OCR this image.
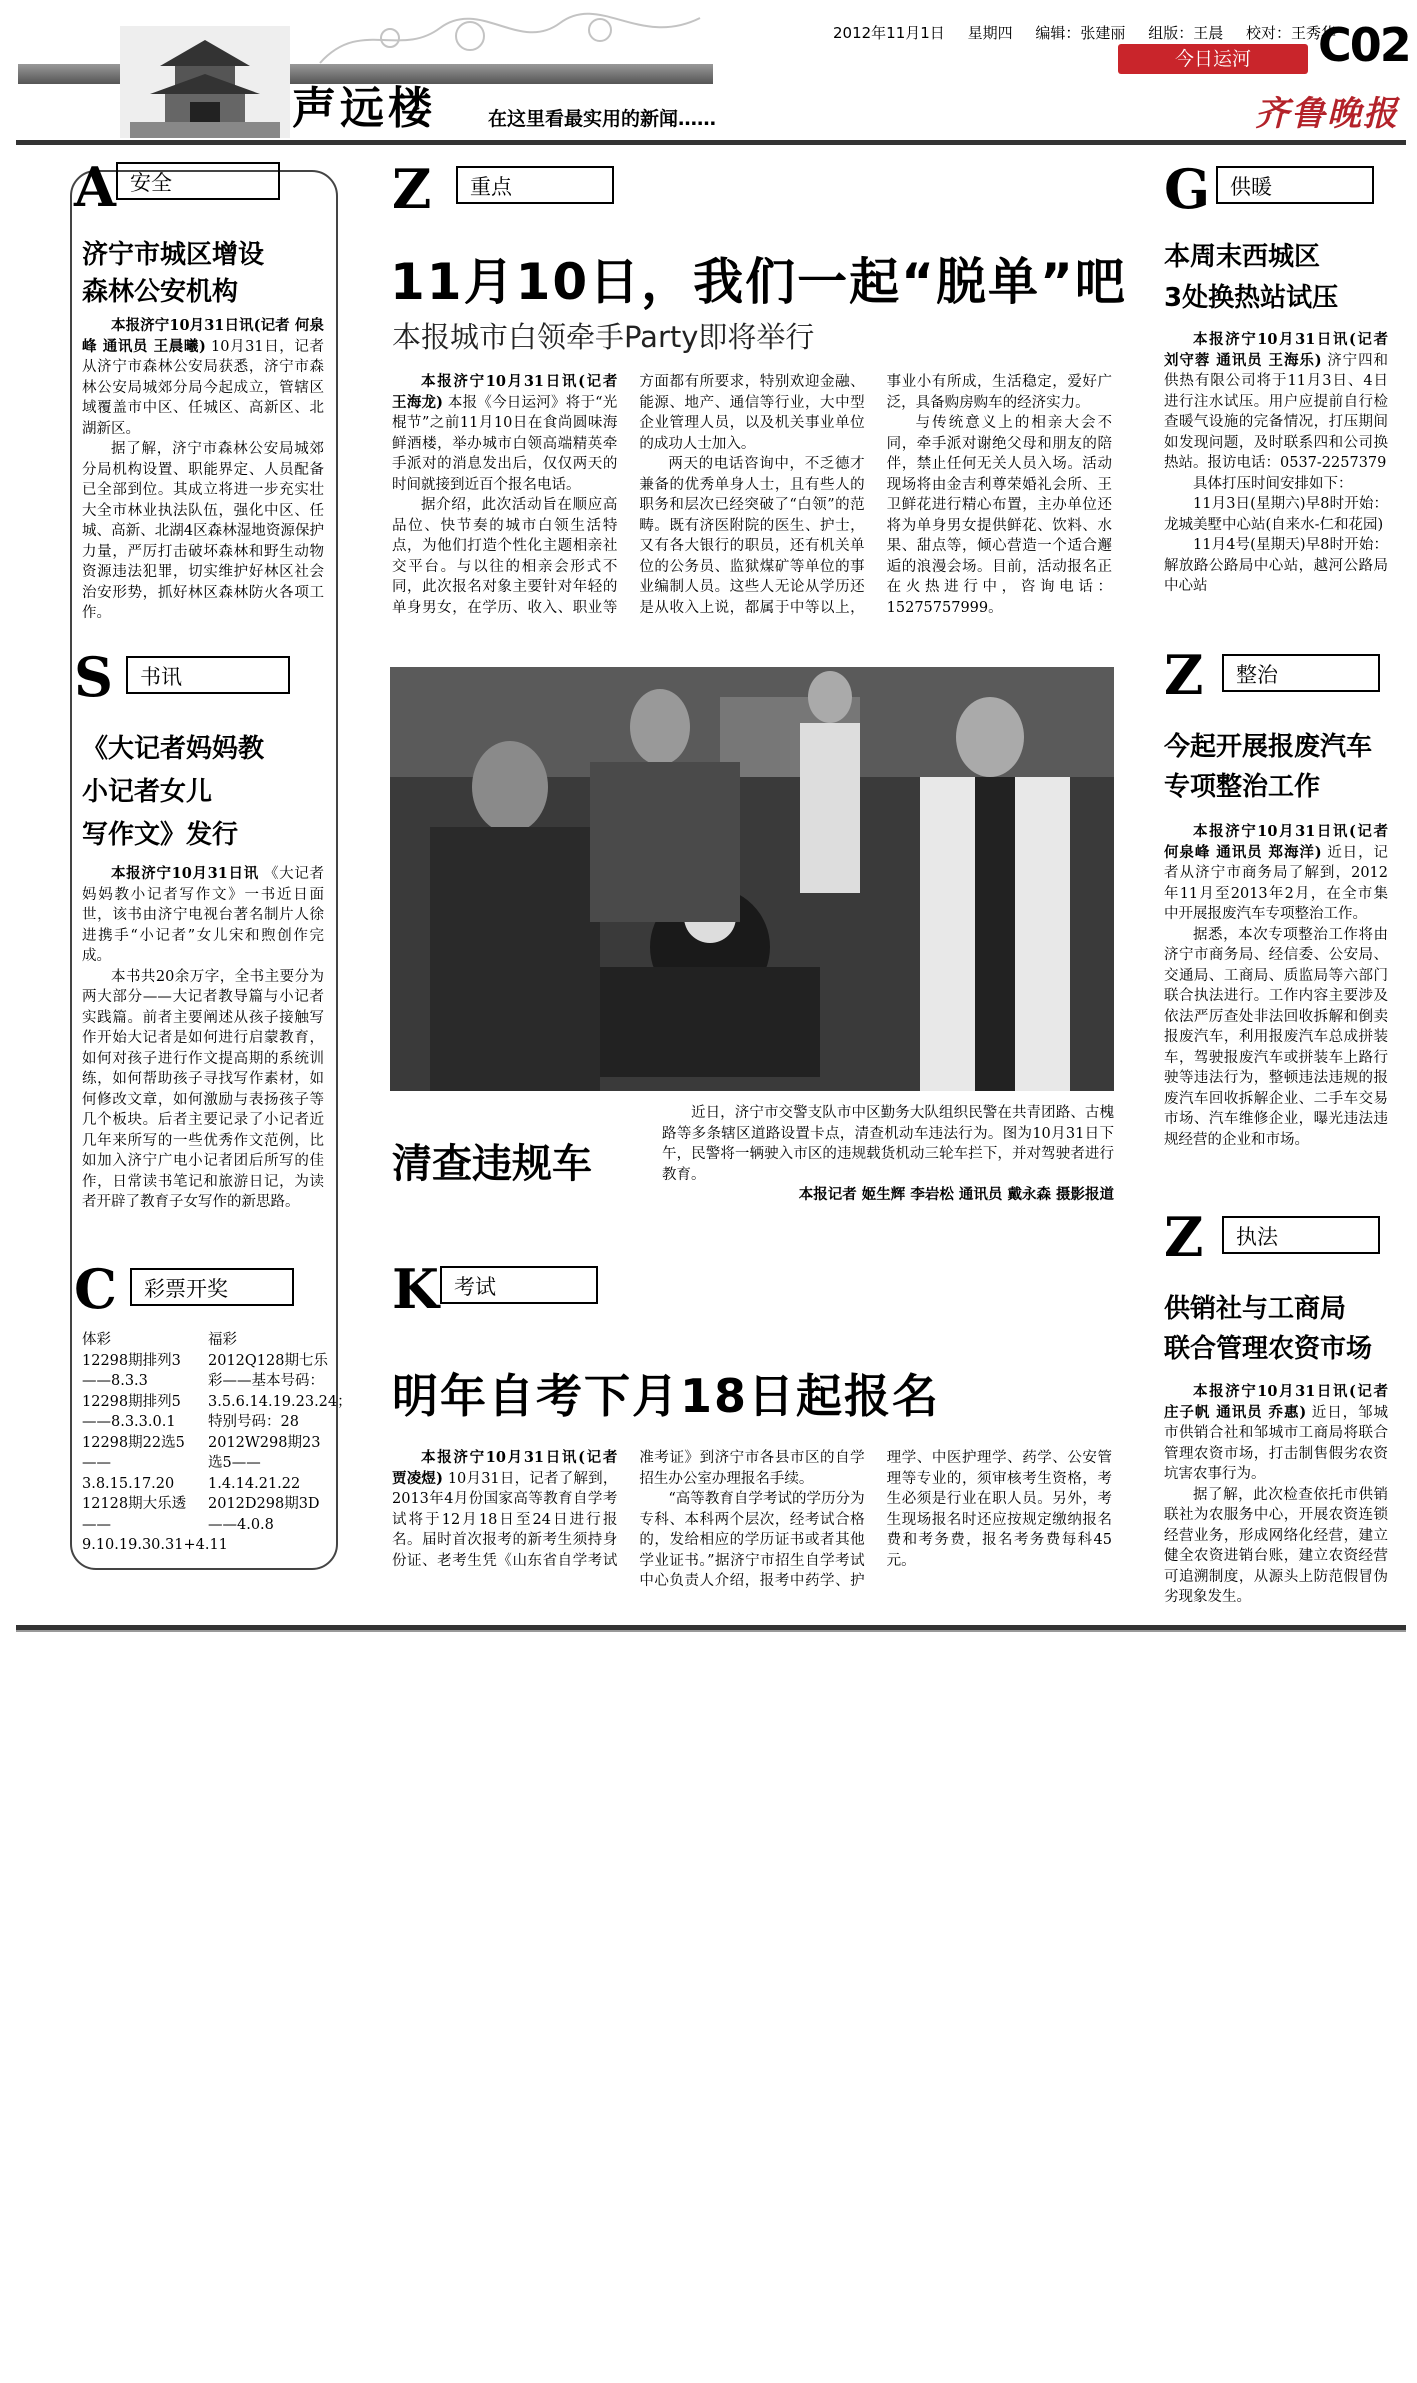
声远楼	在这里看最实用的新闻……
2012年11月1日 星期四 编辑：张建丽 组版：王晨 校对：王秀华
C02
今日运河
齐鲁晚报
A 安全
济宁市城区增设
森林公安机构

本报济宁10月31日讯(记者 何泉峰 通讯员 王晨曦) 10月31日，记者从济宁市森林公安局获悉，济宁市森林公安局城郊分局今起成立，管辖区域覆盖市中区、任城区、高新区、北湖新区。

据了解，济宁市森林公安局城郊分局机构设置、职能界定、人员配备已全部到位。其成立将进一步充实壮大全市林业执法队伍，强化中区、任城、高新、北湖4区森林湿地资源保护力量，严厉打击破坏森林和野生动物资源违法犯罪，切实维护好林区社会治安形势，抓好林区森林防火各项工作。

S	书讯
《大记者妈妈教
小记者女儿
写作文》发行

本报济宁10月31日讯 《大记者妈妈教小记者写作文》一书近日面世，该书由济宁电视台著名制片人徐进携手“小记者”女儿宋和煦创作完成。

本书共20余万字，全书主要分为两大部分——大记者教导篇与小记者实践篇。前者主要阐述从孩子接触写作开始大记者是如何进行启蒙教育，如何对孩子进行作文提高期的系统训练，如何帮助孩子寻找写作素材，如何修改文章，如何激励与表扬孩子等几个板块。后者主要记录了小记者近几年来所写的一些优秀作文范例，比如加入济宁广电小记者团后所写的佳作，日常读书笔记和旅游日记，为读者开辟了教育子女写作的新思路。

C	彩票开奖
体彩
12298期排列3——8.3.3
12298期排列5——8.3.3.0.1
12298期22选5——3.8.15.17.20
12128期大乐透——9.10.19.30.31+4.11
福彩
2012Q128期七乐彩——基本号码：3.5.6.14.19.23.24；特别号码：28
2012W298期23选5——1.4.14.21.22
2012D298期3D——4.0.8
Z	重点
11月10日，我们一起“脱单”吧
本报城市白领牵手Party即将举行

本报济宁10月31日讯(记者 王海龙) 本报《今日运河》将于“光棍节”之前11月10日在食尚圆味海鲜酒楼，举办城市白领高端精英牵手派对的消息发出后，仅仅两天的时间就接到近百个报名电话。

据介绍，此次活动旨在顺应高品位、快节奏的城市白领生活特点，为他们打造个性化主题相亲社交平台。与以往的相亲会形式不同，此次报名对象主要针对年轻的单身男女，在学历、收入、职业等方面都有所要求，特别欢迎金融、能源、地产、通信等行业，大中型企业管理人员，以及机关事业单位的成功人士加入。

两天的电话咨询中，不乏德才兼备的优秀单身人士，且有些人的职务和层次已经突破了“白领”的范畴。既有济医附院的医生、护士，又有各大银行的职员，还有机关单位的公务员、监狱煤矿等单位的事业编制人员。这些人无论从学历还是从收入上说，都属于中等以上，事业小有所成，生活稳定，爱好广泛，具备购房购车的经济实力。

与传统意义上的相亲大会不同，牵手派对谢绝父母和朋友的陪伴，禁止任何无关人员入场。活动现场将由金吉利尊荣婚礼会所、王卫鲜花进行精心布置，主办单位还将为单身男女提供鲜花、饮料、水果、甜点等，倾心营造一个适合邂逅的浪漫会场。目前，活动报名正在火热进行中，咨询电话：15275757999。

近日，济宁市交警支队市中区勤务大队组织民警在共青团路、古槐路等多条辖区道路设置卡点，清查机动车违法行为。图为10月31日下午，民警将一辆驶入市区的违规载货机动三轮车拦下，并对驾驶者进行教育。

本报记者 姬生辉 李岩松 通讯员 戴永森 摄影报道
清查违规车
K 考试
明年自考下月18日起报名

本报济宁10月31日讯(记者 贾凌煜) 10月31日，记者了解到，2013年4月份国家高等教育自学考试将于12月18日至24日进行报名。届时首次报考的新考生须持身份证、老考生凭《山东省自学考试准考证》到济宁市各县市区的自学招生办公室办理报名手续。

“高等教育自学考试的学历分为专科、本科两个层次，经考试合格的，发给相应的学历证书或者其他学业证书。”据济宁市招生自学考试中心负责人介绍，报考中药学、护理学、中医护理学、药学、公安管理等专业的，须审核考生资格，考生必须是行业在职人员。另外，考生现场报名时还应按规定缴纳报名费和考务费，报名考务费每科45元。

G 供暖
本周末西城区
3处换热站试压

本报济宁10月31日讯(记者 刘守蓉 通讯员 王海乐) 济宁四和供热有限公司将于11月3日、4日进行注水试压。用户应提前自行检查暖气设施的完备情况，打压期间如发现问题，及时联系四和公司换热站。报访电话：0537-2257379

具体打压时间安排如下：

11月3日(星期六)早8时开始：龙城美墅中心站(自来水-仁和花园)

11月4号(星期天)早8时开始：解放路公路局中心站，越河公路局中心站

Z	整治
今起开展报废汽车
专项整治工作

本报济宁10月31日讯(记者 何泉峰 通讯员 郑海洋) 近日，记者从济宁市商务局了解到，2012年11月至2013年2月，在全市集中开展报废汽车专项整治工作。

据悉，本次专项整治工作将由济宁市商务局、经信委、公安局、交通局、工商局、质监局等六部门联合执法进行。工作内容主要涉及依法严厉查处非法回收拆解和倒卖报废汽车，利用报废汽车总成拼装车，驾驶报废汽车或拼装车上路行驶等违法行为，整顿违法违规的报废汽车回收拆解企业、二手车交易市场、汽车维修企业，曝光违法违规经营的企业和市场。

Z	执法
供销社与工商局
联合管理农资市场

本报济宁10月31日讯(记者 庄子帆 通讯员 乔惠) 近日，邹城市供销合社和邹城市工商局将联合管理农资市场，打击制售假劣农资坑害农事行为。

据了解，此次检查依托市供销联社为农服务中心，开展农资连锁经营业务，形成网络化经营，建立健全农资进销台账，建立农资经营可追溯制度，从源头上防范假冒伪劣现象发生。
